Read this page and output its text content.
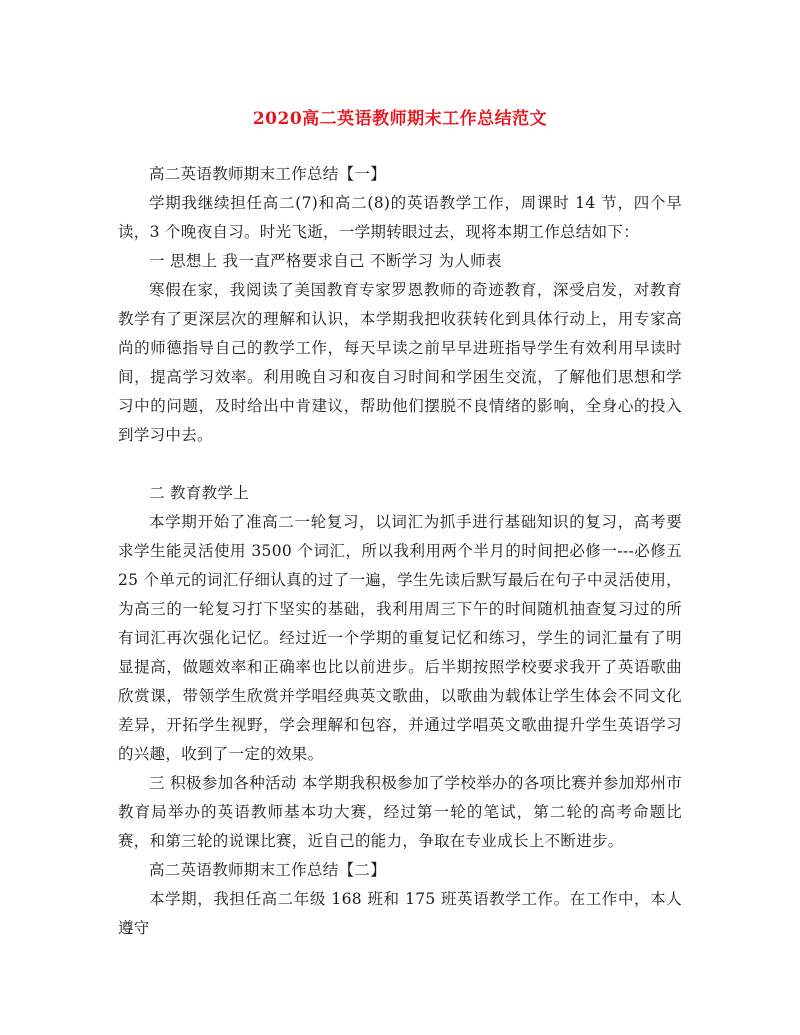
2020高二英语教师期末工作总结范文

高二英语教师期末工作总结【一】

学期我继续担任高二(7)和高二(8)的英语教学工作，周课时 14 节，四个早读，3 个晚夜自习。时光飞逝，一学期转眼过去，现将本期工作总结如下：

一 思想上 我一直严格要求自己 不断学习 为人师表

寒假在家，我阅读了美国教育专家罗恩教师的奇迹教育，深受启发，对教育教学有了更深层次的理解和认识，本学期我把收获转化到具体行动上，用专家高尚的师德指导自己的教学工作，每天早读之前早早进班指导学生有效利用早读时间，提高学习效率。利用晚自习和夜自习时间和学困生交流，了解他们思想和学习中的问题，及时给出中肯建议，帮助他们摆脱不良情绪的影响，全身心的投入到学习中去。

二 教育教学上

本学期开始了准高二一轮复习，以词汇为抓手进行基础知识的复习，高考要求学生能灵活使用 3500 个词汇，所以我利用两个半月的时间把必修一---必修五 25 个单元的词汇仔细认真的过了一遍，学生先读后默写最后在句子中灵活使用，为高三的一轮复习打下坚实的基础，我利用周三下午的时间随机抽查复习过的所有词汇再次强化记忆。经过近一个学期的重复记忆和练习，学生的词汇量有了明显提高，做题效率和正确率也比以前进步。后半期按照学校要求我开了英语歌曲欣赏课，带领学生欣赏并学唱经典英文歌曲，以歌曲为载体让学生体会不同文化差异，开拓学生视野，学会理解和包容，并通过学唱英文歌曲提升学生英语学习的兴趣，收到了一定的效果。

三 积极参加各种活动 本学期我积极参加了学校举办的各项比赛并参加郑州市教育局举办的英语教师基本功大赛，经过第一轮的笔试，第二轮的高考命题比赛，和第三轮的说课比赛，近自己的能力，争取在专业成长上不断进步。

高二英语教师期末工作总结【二】

本学期，我担任高二年级 168 班和 175 班英语教学工作。在工作中，本人遵守
